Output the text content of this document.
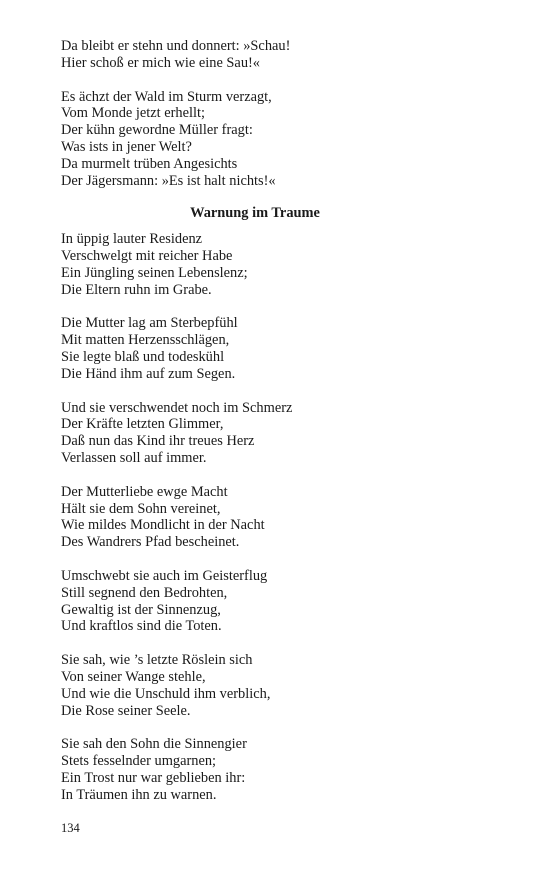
Da bleibt er stehn und donnert: »Schau!
Hier schoß er mich wie eine Sau!«
Es ächzt der Wald im Sturm verzagt,
Vom Monde jetzt erhellt;
Der kühn gewordne Müller fragt:
Was ists in jener Welt?
Da murmelt trüben Angesichts
Der Jägersmann: »Es ist halt nichts!«
Warnung im Traume
In üppig lauter Residenz
Verschwelgt mit reicher Habe
Ein Jüngling seinen Lebenslenz;
Die Eltern ruhn im Grabe.
Die Mutter lag am Sterbepfühl
Mit matten Herzensschlägen,
Sie legte blaß und todeskühl
Die Händ ihm auf zum Segen.
Und sie verschwendet noch im Schmerz
Der Kräfte letzten Glimmer,
Daß nun das Kind ihr treues Herz
Verlassen soll auf immer.
Der Mutterliebe ewge Macht
Hält sie dem Sohn vereinet,
Wie mildes Mondlicht in der Nacht
Des Wandrers Pfad bescheinet.
Umschwebt sie auch im Geisterflug
Still segnend den Bedrohten,
Gewaltig ist der Sinnenzug,
Und kraftlos sind die Toten.
Sie sah, wie ’s letzte Röslein sich
Von seiner Wange stehle,
Und wie die Unschuld ihm verblich,
Die Rose seiner Seele.
Sie sah den Sohn die Sinnengier
Stets fesselnder umgarnen;
Ein Trost nur war geblieben ihr:
In Träumen ihn zu warnen.
134
